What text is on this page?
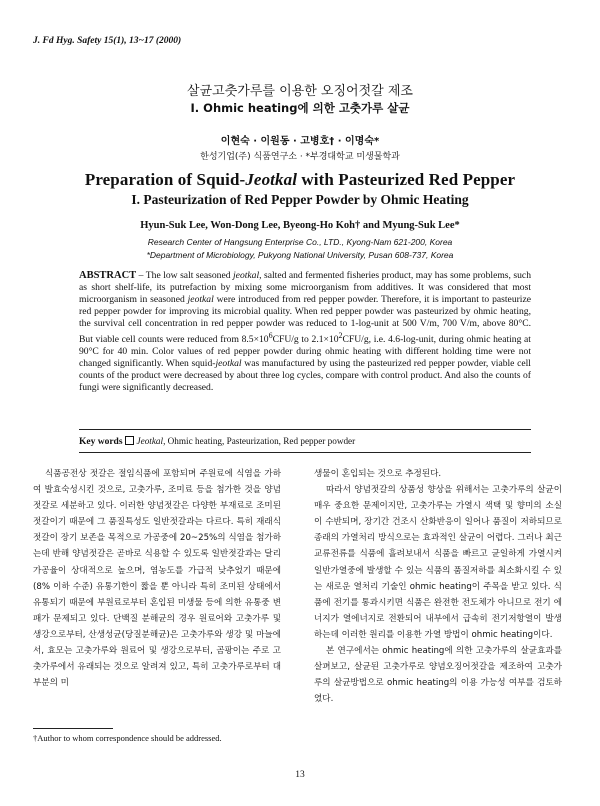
J. Fd Hyg. Safety 15(1), 13~17 (2000)
살균고춧가루를 이용한 오징어젓갈 제조
I. Ohmic heating에 의한 고춧가루 살균
이현숙 · 이원동 · 고병호† · 이명숙*
한성기업(주) 식품연구소 · *부경대학교 미생물학과
Preparation of Squid-Jeotkal with Pasteurized Red Pepper
I. Pasteurization of Red Pepper Powder by Ohmic Heating
Hyun-Suk Lee, Won-Dong Lee, Byeong-Ho Koh† and Myung-Suk Lee*
Research Center of Hangsung Enterprise Co., LTD., Kyong-Nam 621-200, Korea
*Department of Microbiology, Pukyong National University, Pusan 608-737, Korea
ABSTRACT – The low salt seasoned jeotkal, salted and fermented fisheries product, may has some problems, such as short shelf-life, its putrefaction by mixing some microorganism from additives. It was considered that most microorganism in seasoned jeotkal were introduced from red pepper powder. Therefore, it is important to pasteurize red pepper powder for improving its microbial quality. When red pepper powder was pasteurized by ohmic heating, the survival cell concentration in red pepper powder was reduced to 1-log-unit at 500 V/m, 700 V/m, above 80°C. But viable cell counts were reduced from $8.5\times 10^6CFU/g$ to $2.1\times 10^2CFU/g$, i.e. 4.6-log-unit, during ohmic heating at 90°C for 40 min. Color values of red pepper powder during ohmic heating with different holding time were not changed significantly. When squid-jeotkal was manufactured by using the pasteurized red pepper powder, viable cell counts of the product were decreased by about three log cycles, compare with control product. And also the counts of fungi were significantly decreased.
Key words Jeotkal, Ohmic heating, Pasteurization, Red pepper powder

식품공전상 젓갈은 절임식품에 포함되며 주원료에 식염을 가하여 발효숙성시킨 것으로, 고춧가루, 조미료 등을 첨가한 것을 양념젓갈로 세분하고 있다. 이러한 양념젓갈은 다양한 부재료로 조미된 젓갈이기 때문에 그 품질특성도 일반젓갈과는 다르다. 특히 재래식 젓갈이 장기 보존을 목적으로 가공중에 20~25%의 식염을 첨가하는데 반해 양념젓갈은 곧바로 식용할 수 있도록 일반젓갈과는 달리 가공율이 상대적으로 높으며, 염농도를 가급적 낮추었기 때문에 (8% 이하 수준) 유통기한이 짧을 뿐 아니라 특히 조미된 상태에서 유통되기 때문에 부원료로부터 혼입된 미생물 등에 의한 유통중 변패가 문제되고 있다. 단백질 분해균의 경우 원료어와 고춧가루 및 생강으로부터, 산생성균(당질분해균)은 고춧가루와 생강 및 마늘에서, 효모는 고춧가루와 원료어 및 생강으로부터, 곰팡이는 주로 고춧가루에서 유래되는 것으로 알려져 있고, 특히 고춧가루로부터 대부분의 미

생물이 혼입되는 것으로 추정된다.

따라서 양념젓갈의 상품성 향상을 위해서는 고춧가루의 살균이 매우 중요한 문제이지만, 고춧가루는 가열시 색택 및 향미의 소실이 수반되며, 장기간 건조시 산화반응이 일어나 품질이 저하되므로 종래의 가열처리 방식으로는 효과적인 살균이 어렵다. 그러나 최근 교류전류를 식품에 흘려보내서 식품을 빠르고 균일하게 가열시켜 일반가열중에 발생할 수 있는 식품의 품질저하를 최소화시킬 수 있는 새로운 열처리 기술인 ohmic heating이 주목을 받고 있다. 식품에 전기를 통과시키면 식품은 완전한 전도체가 아니므로 전기 에너지가 열에너지로 전환되어 내부에서 급속히 전기저항열이 발생하는데 이러한 원리를 이용한 가열 방법이 ohmic heating이다.

본 연구에서는 ohmic heating에 의한 고춧가루의 살균효과를 살펴보고, 살균된 고춧가루로 양념오징어젓갈을 제조하여 고춧가루의 살균방법으로 ohmic heating의 이용 가능성 여부를 검토하였다.

†Author to whom correspondence should be addressed.
13
